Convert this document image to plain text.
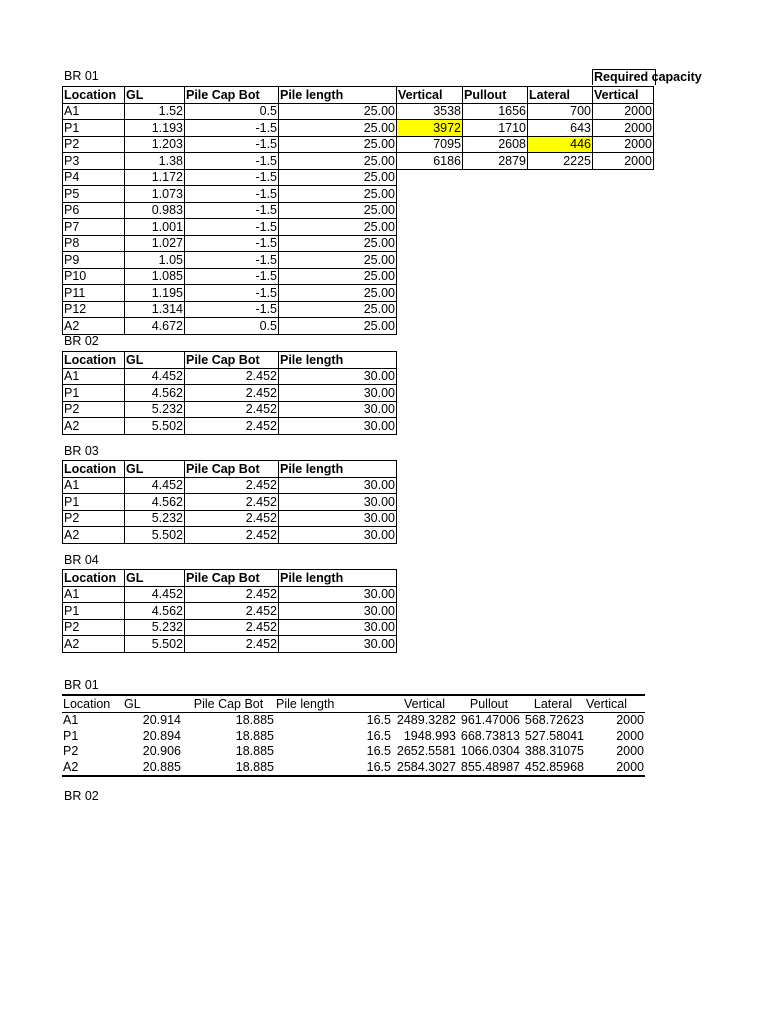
BR 01	Required capacity
Location	GL	Pile Cap Bot	Pile length	Vertical	Pullout	Lateral	Vertical
A1	1.52	0.5	25.00	3538	1656	700	2000
P1	1.193	-1.5	25.00	3972	1710	643	2000
P2	1.203	-1.5	25.00	7095	2608	446	2000
P3	1.38	-1.5	25.00	6186	2879	2225	2000
P4	1.172	-1.5	25.00				
P5	1.073	-1.5	25.00				
P6	0.983	-1.5	25.00				
P7	1.001	-1.5	25.00				
P8	1.027	-1.5	25.00				
P9	1.05	-1.5	25.00				
P10	1.085	-1.5	25.00				
P11	1.195	-1.5	25.00				
P12	1.314	-1.5	25.00				
A2	4.672	0.5	25.00				
BR 02
Location	GL	Pile Cap Bot	Pile length
A1	4.452	2.452	30.00
P1	4.562	2.452	30.00
P2	5.232	2.452	30.00
A2	5.502	2.452	30.00
BR 03
Location	GL	Pile Cap Bot	Pile length
A1	4.452	2.452	30.00
P1	4.562	2.452	30.00
P2	5.232	2.452	30.00
A2	5.502	2.452	30.00
BR 04
Location	GL	Pile Cap Bot	Pile length
A1	4.452	2.452	30.00
P1	4.562	2.452	30.00
P2	5.232	2.452	30.00
A2	5.502	2.452	30.00
BR 01
Location	GL	Pile Cap Bot	Pile length	Vertical	Pullout	Lateral	Vertical
A1	20.914	18.885	16.5	2489.3282	961.47006	568.72623	2000
P1	20.894	18.885	16.5	1948.993	668.73813	527.58041	2000
P2	20.906	18.885	16.5	2652.5581	1066.0304	388.31075	2000
A2	20.885	18.885	16.5	2584.3027	855.48987	452.85968	2000
BR 02
